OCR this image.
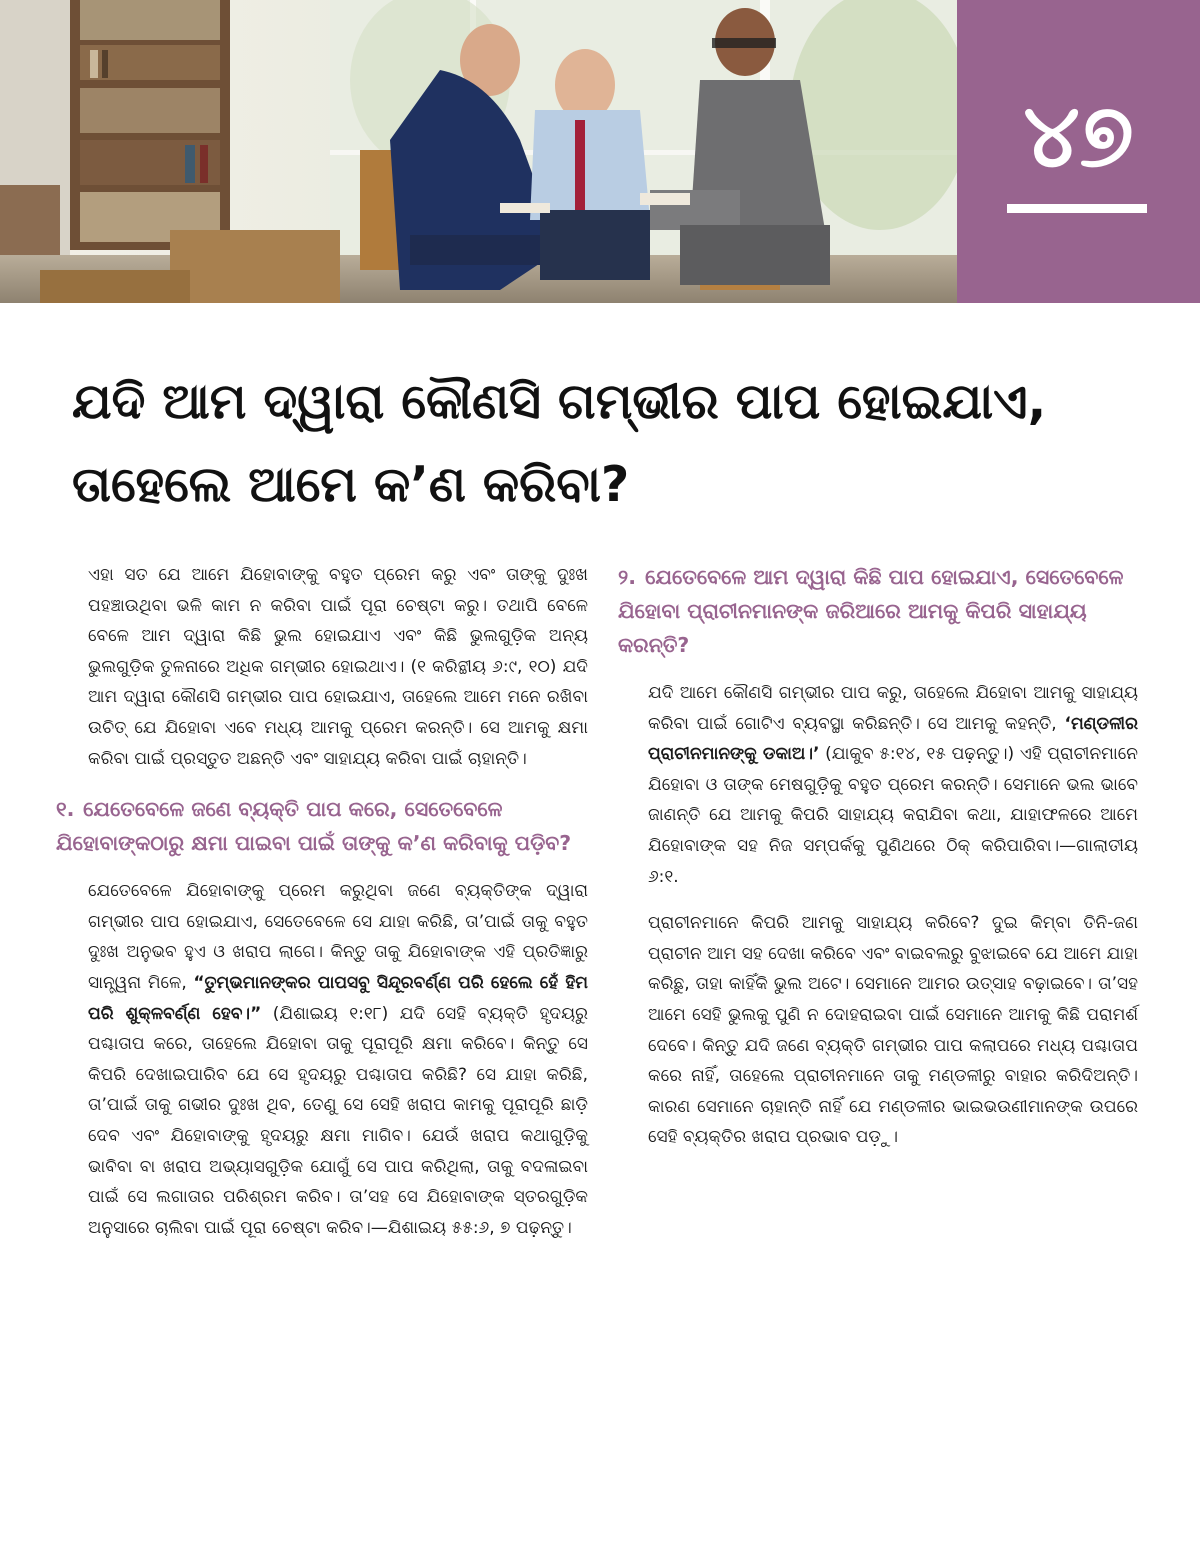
୪୭
ଯଦି ଆମ ଦ୍ୱାରା କୌଣସି ଗମ୍ଭୀର ପାପ ହୋଇଯାଏ, ତାହେଲେ ଆମେ କʼଣ କରିବା?

ଏହା ସତ ଯେ ଆମେ ଯିହୋବାଙ୍କୁ ବହୁତ ପ୍ରେମ କରୁ ଏବଂ ତାଙ୍କୁ ଦୁଃଖ ପହଞ୍ଚାଉଥିବା ଭଳି କାମ ନ କରିବା ପାଇଁ ପୂରା ଚେଷ୍ଟା କରୁ। ତଥାପି ବେଳେ ବେଳେ ଆମ ଦ୍ୱାରା କିଛି ଭୁଲ ହୋଇଯାଏ ଏବଂ କିଛି ଭୁଲଗୁଡ଼ିକ ଅନ୍ୟ ଭୁଲଗୁଡ଼ିକ ତୁଳନାରେ ଅଧିକ ଗମ୍ଭୀର ହୋଇଥାଏ। (୧ କରିନ୍ଥୀୟ ୬:୯, ୧୦) ଯଦି ଆମ ଦ୍ୱାରା କୌଣସି ଗମ୍ଭୀର ପାପ ହୋଇଯାଏ, ତାହେଲେ ଆମେ ମନେ ରଖିବା ଉଚିତ୍‌ ଯେ ଯିହୋବା ଏବେ ମଧ୍ୟ ଆମକୁ ପ୍ରେମ କରନ୍ତି। ସେ ଆମକୁ କ୍ଷମା କରିବା ପାଇଁ ପ୍ରସ୍ତୁତ ଅଛନ୍ତି ଏବଂ ସାହାଯ୍ୟ କରିବା ପାଇଁ ଚାହାନ୍ତି।

୧. ଯେତେବେଳେ ଜଣେ ବ୍ୟକ୍ତି ପାପ କରେ, ସେତେବେଳେ ଯିହୋବାଙ୍କଠାରୁ କ୍ଷମା ପାଇବା ପାଇଁ ତାଙ୍କୁ କʼଣ କରିବାକୁ ପଡ଼ିବ?

ଯେତେବେଳେ ଯିହୋବାଙ୍କୁ ପ୍ରେମ କରୁଥିବା ଜଣେ ବ୍ୟକ୍ତିଙ୍କ ଦ୍ୱାରା ଗମ୍ଭୀର ପାପ ହୋଇଯାଏ, ସେତେବେଳେ ସେ ଯାହା କରିଛି, ତା’ପାଇଁ ତାକୁ ବହୁତ ଦୁଃଖ ଅନୁଭବ ହୁଏ ଓ ଖରାପ ଲାଗେ। କିନ୍ତୁ ତାକୁ ଯିହୋବାଙ୍କ ଏହି ପ୍ରତିଜ୍ଞାରୁ ସାନ୍ତ୍ୱନା ମିଳେ, “ତୁମ୍ଭମାନଙ୍କର ପାପସବୁ ସିନ୍ଦୂରବର୍ଣ୍ଣ ପରି ହେଲେ ହେଁ ହିମ ପରି ଶୁକ୍ଳବର୍ଣ୍ଣ ହେବ।” (ଯିଶାଇୟ ୧:୧୮) ଯଦି ସେହି ବ୍ୟକ୍ତି ହୃଦୟରୁ ପଶ୍ଚାତାପ କରେ, ତାହେଲେ ଯିହୋବା ତାକୁ ପୂରାପୂରି କ୍ଷମା କରିବେ। କିନ୍ତୁ ସେ କିପରି ଦେଖାଇପାରିବ ଯେ ସେ ହୃଦୟରୁ ପଶ୍ଚାତାପ କରିଛି? ସେ ଯାହା କରିଛି, ତା’ପାଇଁ ତାକୁ ଗଭୀର ଦୁଃଖ ଥିବ, ତେଣୁ ସେ ସେହି ଖରାପ କାମକୁ ପୂରାପୂରି ଛାଡ଼ି ଦେବ ଏବଂ ଯିହୋବାଙ୍କୁ ହୃଦୟରୁ କ୍ଷମା ମାଗିବ। ଯେଉଁ ଖରାପ କଥାଗୁଡ଼ିକୁ ଭାବିବା ବା ଖରାପ ଅଭ୍ୟାସଗୁଡ଼ିକ ଯୋଗୁଁ ସେ ପାପ କରିଥିଲା, ତାକୁ ବଦଳାଇବା ପାଇଁ ସେ ଲଗାତାର ପରିଶ୍ରମ କରିବ। ତା’ସହ ସେ ଯିହୋବାଙ୍କ ସ୍ତରଗୁଡ଼ିକ ଅନୁସାରେ ଚାଲିବା ପାଇଁ ପୂରା ଚେଷ୍ଟା କରିବ।—ଯିଶାଇୟ ୫୫:୬, ୭ ପଢ଼ନ୍ତୁ।

୨. ଯେତେବେଳେ ଆମ ଦ୍ୱାରା କିଛି ପାପ ହୋଇଯାଏ, ସେତେବେଳେ ଯିହୋବା ପ୍ରାଚୀନମାନଙ୍କ ଜରିଆରେ ଆମକୁ କିପରି ସାହାଯ୍ୟ କରନ୍ତି?

ଯଦି ଆମେ କୌଣସି ଗମ୍ଭୀର ପାପ କରୁ, ତାହେଲେ ଯିହୋବା ଆମକୁ ସାହାଯ୍ୟ କରିବା ପାଇଁ ଗୋଟିଏ ବ୍ୟବସ୍ଥା କରିଛନ୍ତି। ସେ ଆମକୁ କହନ୍ତି, ‘ମଣ୍ଡଳୀର ପ୍ରାଚୀନମାନଙ୍କୁ ଡକାଅ।’ (ଯାକୁବ ୫:୧୪, ୧୫ ପଢ଼ନ୍ତୁ।) ଏହି ପ୍ରାଚୀନମାନେ ଯିହୋବା ଓ ତାଙ୍କ ମେଷଗୁଡ଼ିକୁ ବହୁତ ପ୍ରେମ କରନ୍ତି। ସେମାନେ ଭଲ ଭାବେ ଜାଣନ୍ତି ଯେ ଆମକୁ କିପରି ସାହାଯ୍ୟ କରାଯିବା କଥା, ଯାହାଫଳରେ ଆମେ ଯିହୋବାଙ୍କ ସହ ନିଜ ସମ୍ପର୍କକୁ ପୁଣିଥରେ ଠିକ୍‌ କରିପାରିବା।—ଗାଲାତୀୟ ୬:୧.

ପ୍ରାଚୀନମାନେ କିପରି ଆମକୁ ସାହାଯ୍ୟ କରିବେ? ଦୁଇ କିମ୍ବା ତିନି-ଜଣ ପ୍ରାଚୀନ ଆମ ସହ ଦେଖା କରିବେ ଏବଂ ବାଇବଲରୁ ବୁଝାଇବେ ଯେ ଆମେ ଯାହା କରିଛୁ, ତାହା କାହିଁକି ଭୁଲ ଅଟେ। ସେମାନେ ଆମର ଉତ୍ସାହ ବଢ଼ାଇବେ। ତା’ସହ ଆମେ ସେହି ଭୁଲକୁ ପୁଣି ନ ଦୋହରାଇବା ପାଇଁ ସେମାନେ ଆମକୁ କିଛି ପରାମର୍ଶ ଦେବେ। କିନ୍ତୁ ଯଦି ଜଣେ ବ୍ୟକ୍ତି ଗମ୍ଭୀର ପାପ କଲାପରେ ମଧ୍ୟ ପଶ୍ଚାତାପ କରେ ନାହିଁ, ତାହେଲେ ପ୍ରାଚୀନମାନେ ତାକୁ ମଣ୍ଡଳୀରୁ ବାହାର କରିଦିଅନ୍ତି। କାରଣ ସେମାନେ ଚାହାନ୍ତି ନାହିଁ ଯେ ମଣ୍ଡଳୀର ଭାଇଭଉଣୀମାନଙ୍କ ଉପରେ ସେହି ବ୍ୟକ୍ତିର ଖରାପ ପ୍ରଭାବ ପଡ଼ୁ।
